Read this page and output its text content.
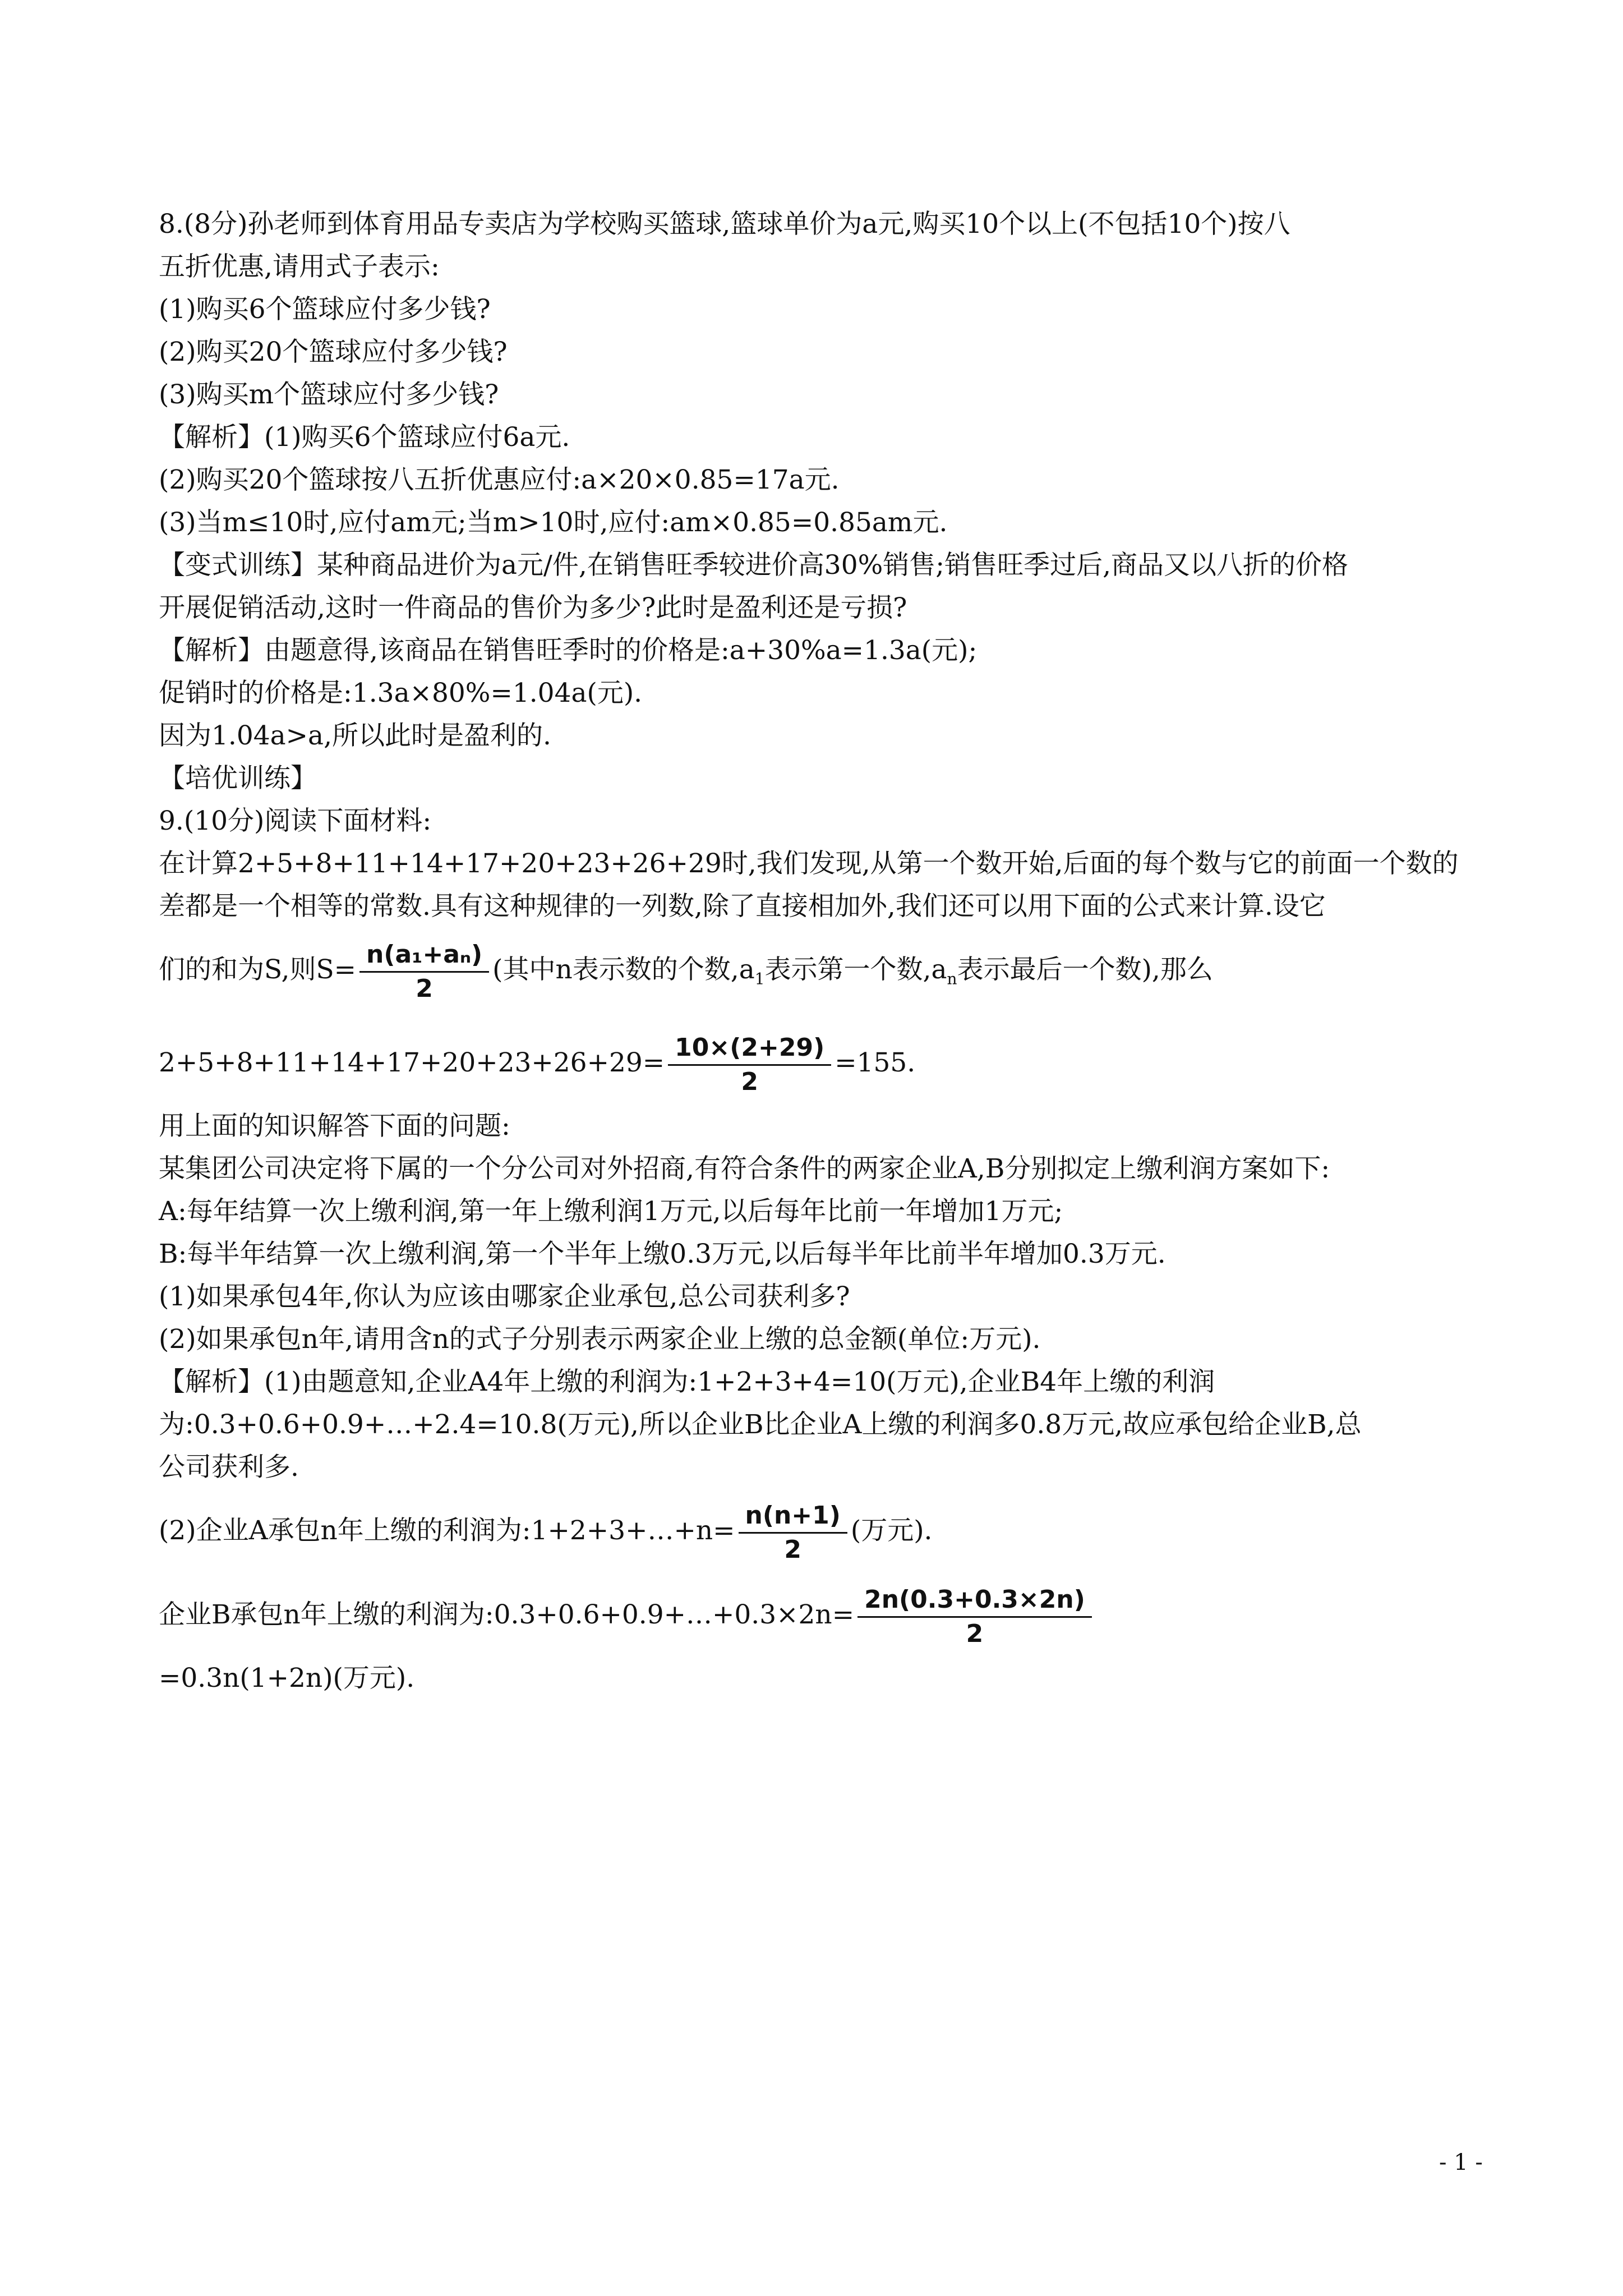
8.(8分)孙老师到体育用品专卖店为学校购买篮球,篮球单价为a元,购买10个以上(不包括10个)按八
五折优惠,请用式子表示:
(1)购买6个篮球应付多少钱?
(2)购买20个篮球应付多少钱?
(3)购买m个篮球应付多少钱?
【解析】(1)购买6个篮球应付6a元.
(2)购买20个篮球按八五折优惠应付:a×20×0.85=17a元.
(3)当m≤10时,应付am元;当m>10时,应付:am×0.85=0.85am元.
【变式训练】某种商品进价为a元/件,在销售旺季较进价高30%销售;销售旺季过后,商品又以八折的价格
开展促销活动,这时一件商品的售价为多少?此时是盈利还是亏损?
【解析】由题意得,该商品在销售旺季时的价格是:a+30%a=1.3a(元);
促销时的价格是:1.3a×80%=1.04a(元).
因为1.04a>a,所以此时是盈利的.
【培优训练】
9.(10分)阅读下面材料:
在计算2+5+8+11+14+17+20+23+26+29时,我们发现,从第一个数开始,后面的每个数与它的前面一个数的
差都是一个相等的常数.具有这种规律的一列数,除了直接相加外,我们还可以用下面的公式来计算.设它
们的和为S,则$S= \frac{\text{n(a₁+aₙ)}}{2}$ (其中n表示数的个数$,a_1$表示第一个数$,a_n$表示最后一个数),那么
$2+5+8+11+14+17+20+23+26+29= \frac{10\times(2+29)}{2} =155$.
用上面的知识解答下面的问题:
某集团公司决定将下属的一个分公司对外招商,有符合条件的两家企业A,B分别拟定上缴利润方案如下:
A:每年结算一次上缴利润,第一年上缴利润1万元,以后每年比前一年增加1万元;
B:每半年结算一次上缴利润,第一个半年上缴0.3万元,以后每半年比前半年增加0.3万元.
(1)如果承包4年,你认为应该由哪家企业承包,总公司获利多?
(2)如果承包n年,请用含n的式子分别表示两家企业上缴的总金额(单位:万元).
【解析】(1)由题意知,企业A4年上缴的利润为:1+2+3+4=10(万元),企业B4年上缴的利润
为:0.3+0.6+0.9+…+2.4=10.8(万元),所以企业B比企业A上缴的利润多0.8万元,故应承包给企业B,总
公司获利多.
(2)企业A承包n年上缴的利润为:1+2+3+…+n= $\frac{n(n+1)}{2}$ (万元).
企业B承包n年上缴的利润为:0.3+0.6+0.9+…+0.3×2n= $\frac{2n(0.3+0.3\times 2n)}{2}$
=0.3n(1+2n)(万元).
- 1 -
